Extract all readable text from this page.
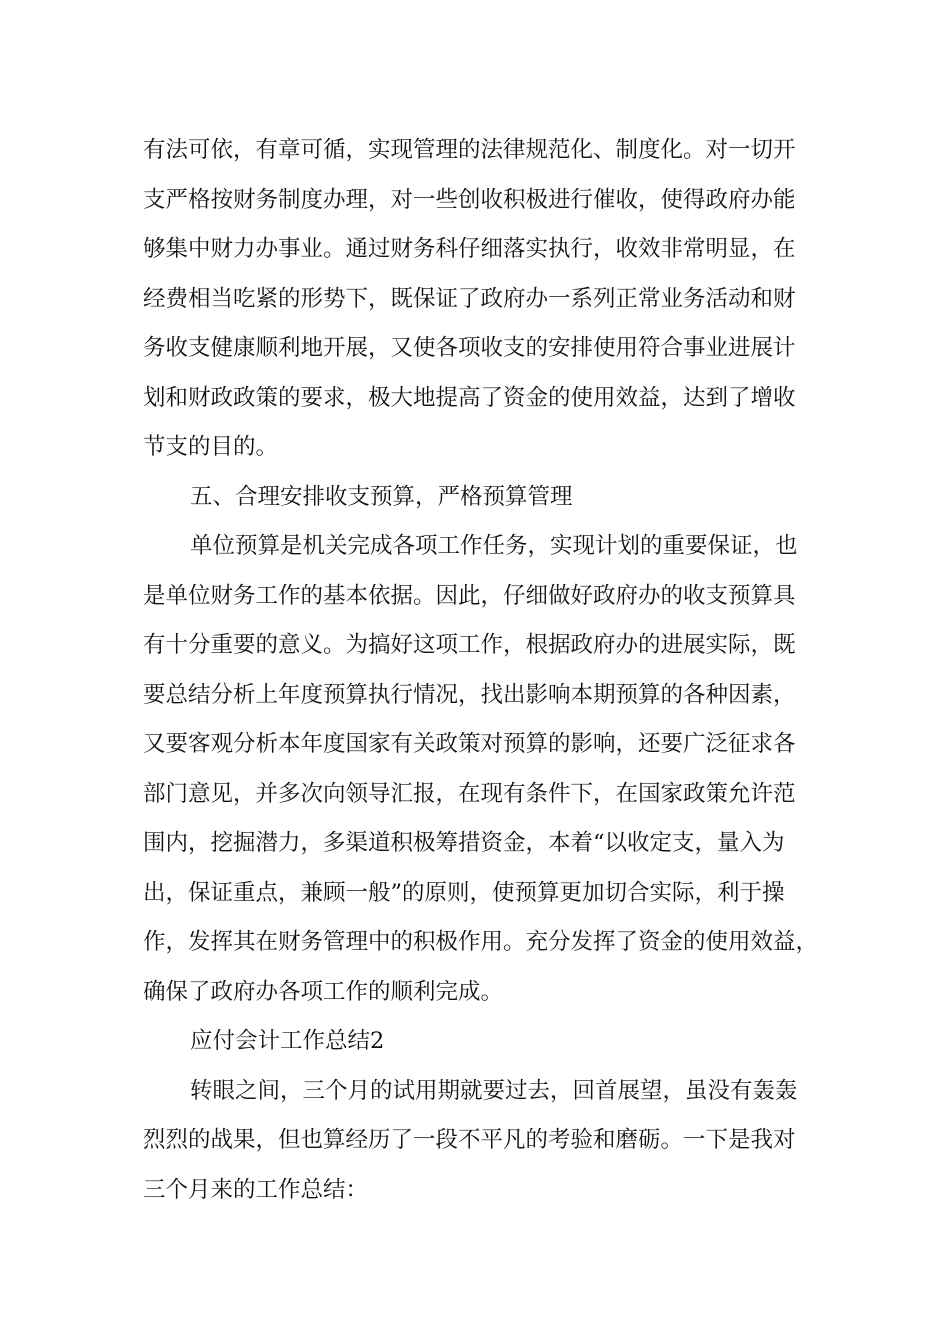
有法可依，有章可循，实现管理的法律规范化、制度化。对一切开
支严格按财务制度办理，对一些创收积极进行催收，使得政府办能
够集中财力办事业。通过财务科仔细落实执行，收效非常明显，在
经费相当吃紧的形势下，既保证了政府办一系列正常业务活动和财
务收支健康顺利地开展，又使各项收支的安排使用符合事业进展计
划和财政政策的要求，极大地提高了资金的使用效益，达到了增收
节支的目的。
五、合理安排收支预算，严格预算管理
单位预算是机关完成各项工作任务，实现计划的重要保证，也
是单位财务工作的基本依据。因此，仔细做好政府办的收支预算具
有十分重要的意义。为搞好这项工作，根据政府办的进展实际，既
要总结分析上年度预算执行情况，找出影响本期预算的各种因素，
又要客观分析本年度国家有关政策对预算的影响，还要广泛征求各
部门意见，并多次向领导汇报，在现有条件下，在国家政策允许范
围内，挖掘潜力，多渠道积极筹措资金，本着“以收定支，量入为
出，保证重点，兼顾一般”的原则，使预算更加切合实际，利于操
作，发挥其在财务管理中的积极作用。充分发挥了资金的使用效益，
确保了政府办各项工作的顺利完成。
应付会计工作总结2
转眼之间，三个月的试用期就要过去，回首展望，虽没有轰轰
烈烈的战果，但也算经历了一段不平凡的考验和磨砺。一下是我对
三个月来的工作总结：
